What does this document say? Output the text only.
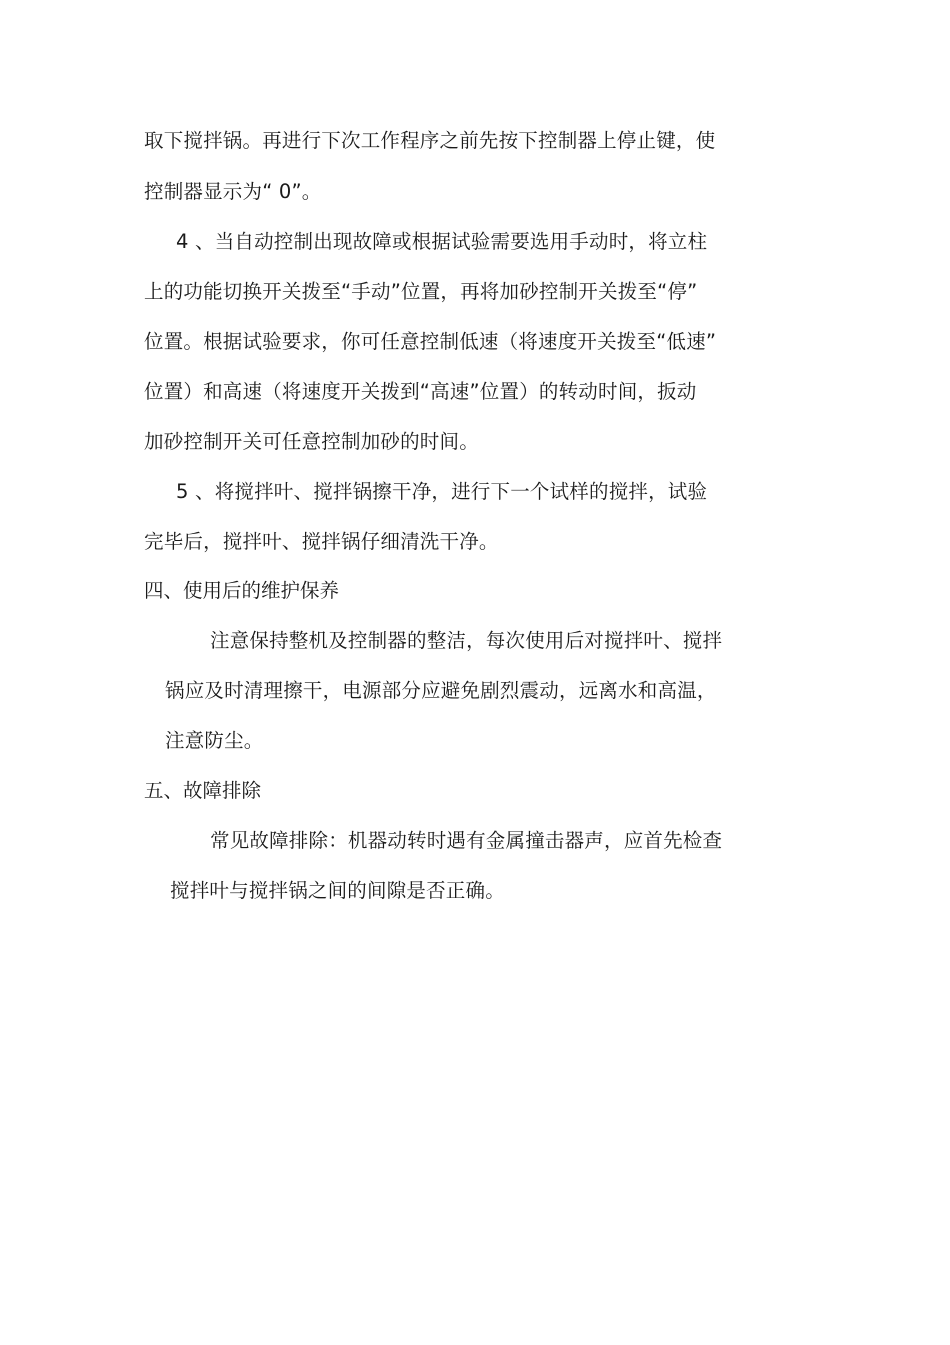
取下搅拌锅。再进行下次工作程序之前先按下控制器上停止键，使
控制器显示为“ 0”。
4 、当自动控制出现故障或根据试验需要选用手动时，将立柱
上的功能切换开关拨至“手动”位置，再将加砂控制开关拨至“停”
位置。根据试验要求，你可任意控制低速（将速度开关拨至“低速”
位置）和高速（将速度开关拨到“高速”位置）的转动时间，扳动
加砂控制开关可任意控制加砂的时间。
5 、将搅拌叶、搅拌锅擦干净，进行下一个试样的搅拌，试验
完毕后，搅拌叶、搅拌锅仔细清洗干净。
四、使用后的维护保养
注意保持整机及控制器的整洁，每次使用后对搅拌叶、搅拌
锅应及时清理擦干，电源部分应避免剧烈震动，远离水和高温，
注意防尘。
五、故障排除
常见故障排除：机器动转时遇有金属撞击器声，应首先检查
搅拌叶与搅拌锅之间的间隙是否正确。
